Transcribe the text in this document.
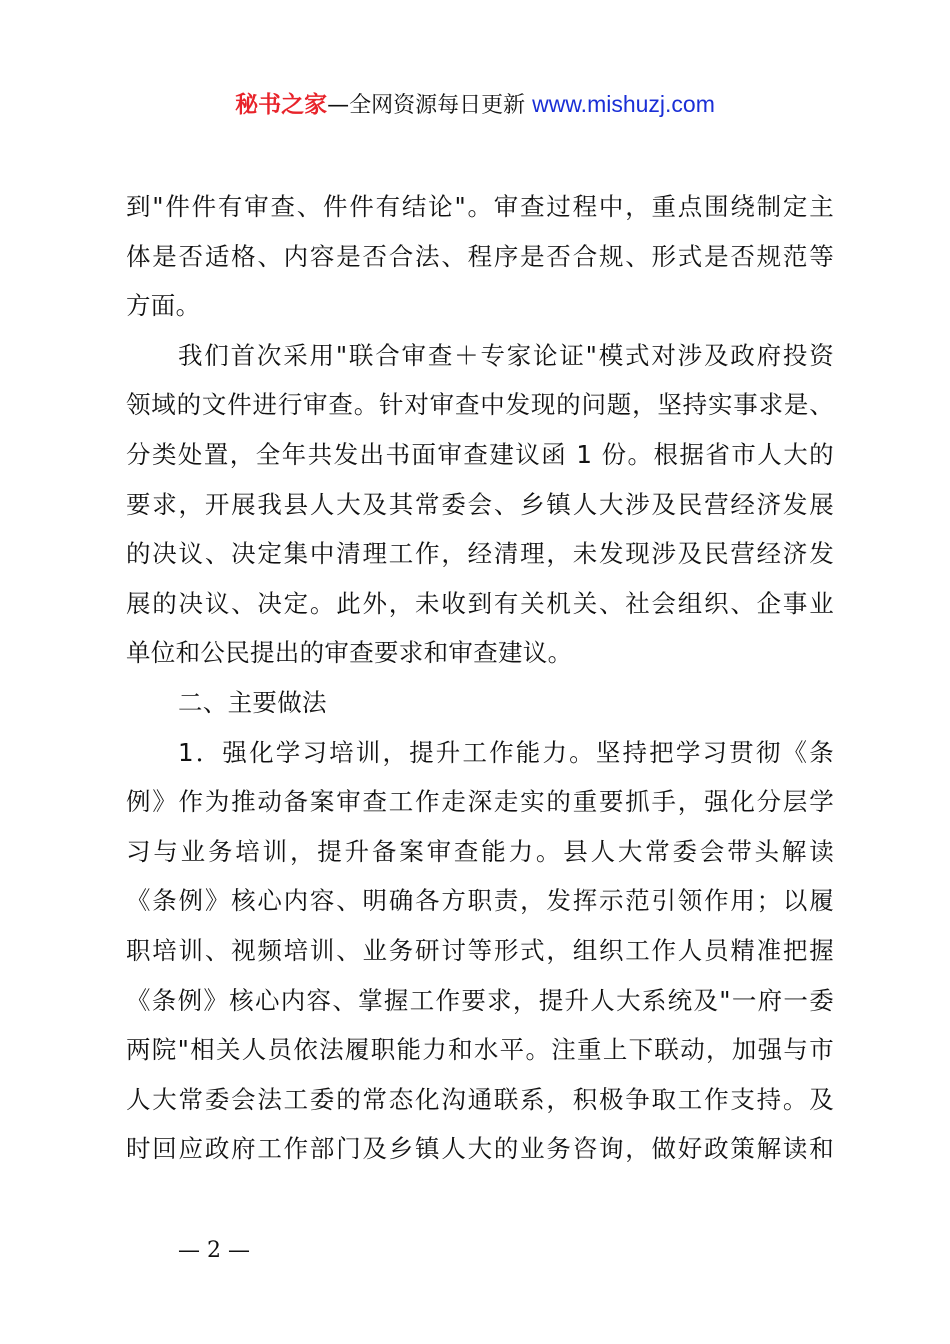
秘书之家—全网资源每日更新 www.mishuzj.com
到"件件有审查、件件有结论"。审查过程中，重点围绕制定主
体是否适格、内容是否合法、程序是否合规、形式是否规范等
方面。
我们首次采用"联合审查＋专家论证"模式对涉及政府投资
领域的文件进行审查。针对审查中发现的问题，坚持实事求是、
分类处置，全年共发出书面审查建议函 1 份。根据省市人大的
要求，开展我县人大及其常委会、乡镇人大涉及民营经济发展
的决议、决定集中清理工作，经清理，未发现涉及民营经济发
展的决议、决定。此外，未收到有关机关、社会组织、企事业
单位和公民提出的审查要求和审查建议。
二、主要做法
1．强化学习培训，提升工作能力。坚持把学习贯彻《条
例》作为推动备案审查工作走深走实的重要抓手，强化分层学
习与业务培训，提升备案审查能力。县人大常委会带头解读
《条例》核心内容、明确各方职责，发挥示范引领作用；以履
职培训、视频培训、业务研讨等形式，组织工作人员精准把握
《条例》核心内容、掌握工作要求，提升人大系统及"一府一委
两院"相关人员依法履职能力和水平。注重上下联动，加强与市
人大常委会法工委的常态化沟通联系，积极争取工作支持。及
时回应政府工作部门及乡镇人大的业务咨询，做好政策解读和
— 2 —
